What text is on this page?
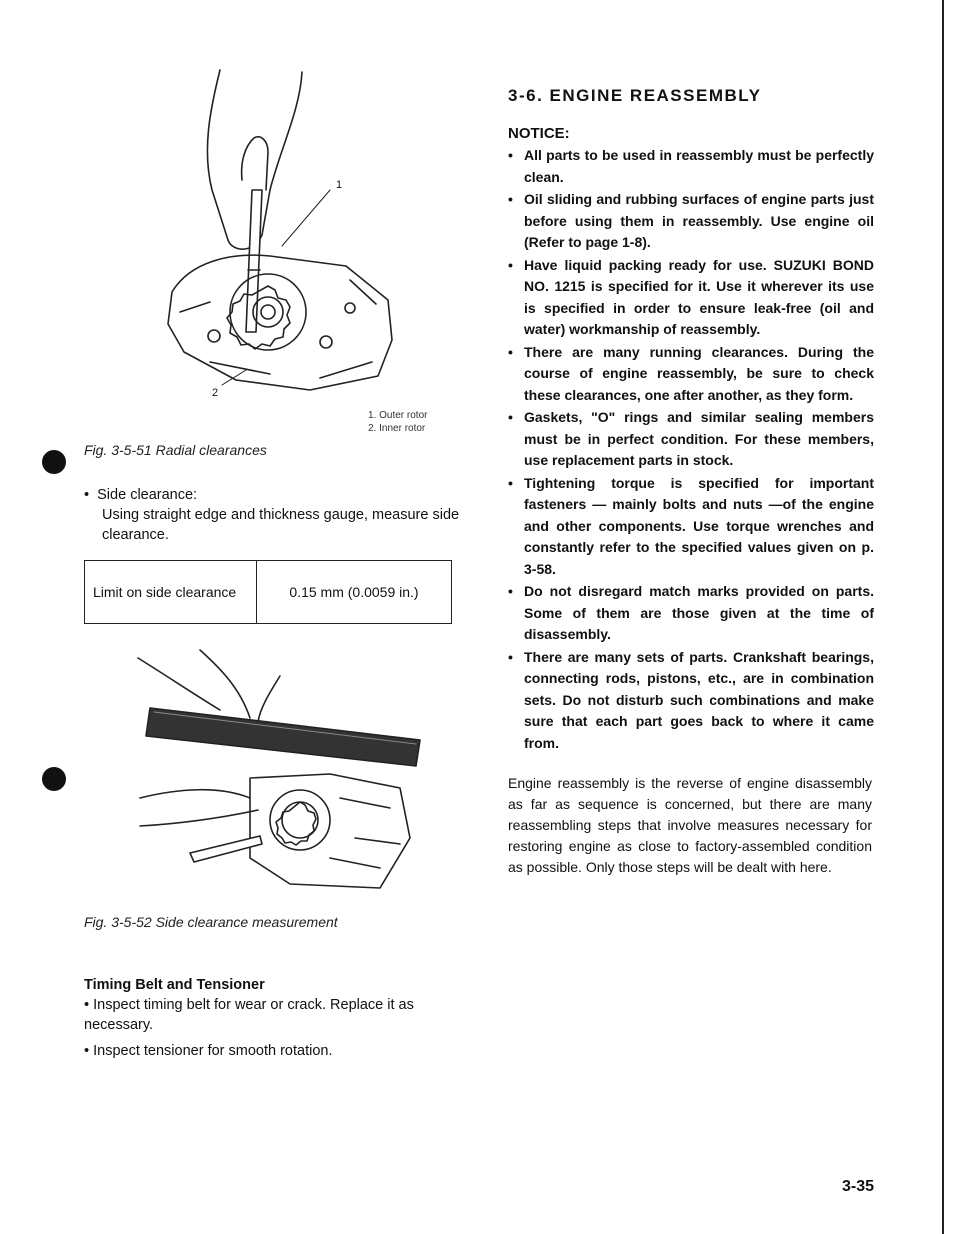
1
2
1. Outer rotor
2. Inner rotor
Fig. 3-5-51 Radial clearances
• Side clearance:
Using straight edge and thickness gauge, measure side clearance.
Limit on side clearance	0.15 mm (0.0059 in.)
Fig. 3-5-52 Side clearance measurement
Timing Belt and Tensioner
• Inspect timing belt for wear or crack. Replace it as necessary.
• Inspect tensioner for smooth rotation.
3-6. ENGINE REASSEMBLY
NOTICE:
• All parts to be used in reassembly must be perfectly clean.
• Oil sliding and rubbing surfaces of engine parts just before using them in reassembly. Use engine oil (Refer to page 1-8).
• Have liquid packing ready for use. SUZUKI BOND NO. 1215 is specified for it. Use it wherever its use is specified in order to ensure leak-free (oil and water) workmanship of reassembly.
• There are many running clearances. During the course of engine reassembly, be sure to check these clearances, one after another, as they form.
• Gaskets, "O" rings and similar sealing members must be in perfect condition. For these members, use replacement parts in stock.
• Tightening torque is specified for important fasteners — mainly bolts and nuts —of the engine and other components. Use torque wrenches and constantly refer to the specified values given on p. 3-58.
• Do not disregard match marks provided on parts. Some of them are those given at the time of disassembly.
• There are many sets of parts. Crankshaft bearings, connecting rods, pistons, etc., are in combination sets. Do not disturb such combinations and make sure that each part goes back to where it came from.
Engine reassembly is the reverse of engine disassembly as far as sequence is concerned, but there are many reassembling steps that involve measures necessary for restoring engine as close to factory-assembled condition as possible. Only those steps will be dealt with here.
3-35
